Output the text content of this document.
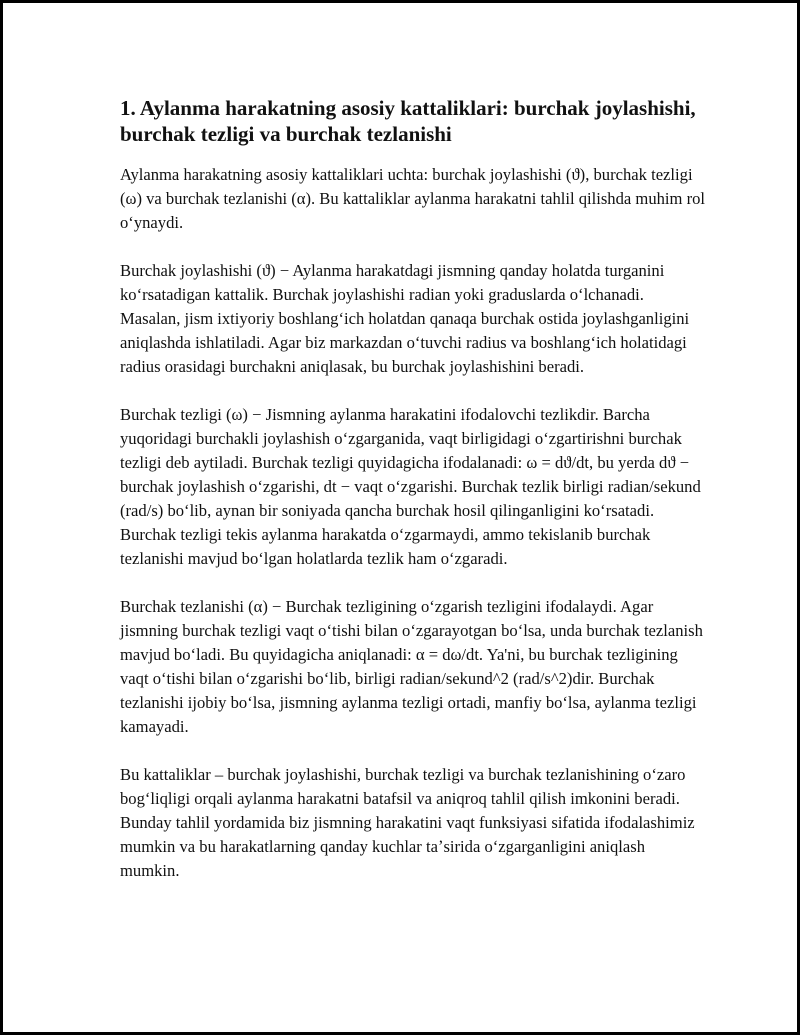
1. Aylanma harakatning asosiy kattaliklari: burchak joylashishi, burchak tezligi va burchak tezlanishi

Aylanma harakatning asosiy kattaliklari uchta: burchak joylashishi (ϑ), burchak tezligi (ω) va burchak tezlanishi (α). Bu kattaliklar aylanma harakatni tahlil qilishda muhim rol oʻynaydi.

Burchak joylashishi (ϑ) − Aylanma harakatdagi jismning qanday holatda turganini koʻrsatadigan kattalik. Burchak joylashishi radian yoki graduslarda oʻlchanadi. Masalan, jism ixtiyoriy boshlangʻich holatdan qanaqa burchak ostida joylashganligini aniqlashda ishlatiladi. Agar biz markazdan oʻtuvchi radius va boshlangʻich holatidagi radius orasidagi burchakni aniqlasak, bu burchak joylashishini beradi.

Burchak tezligi (ω) − Jismning aylanma harakatini ifodalovchi tezlikdir. Barcha yuqoridagi burchakli joylashish oʻzgarganida, vaqt birligidagi oʻzgartirishni burchak tezligi deb aytiladi. Burchak tezligi quyidagicha ifodalanadi: ω = dϑ/dt, bu yerda dϑ − burchak joylashish oʻzgarishi, dt − vaqt oʻzgarishi. Burchak tezlik birligi radian/sekund (rad/s) boʻlib, aynan bir soniyada qancha burchak hosil qilinganligini koʻrsatadi. Burchak tezligi tekis aylanma harakatda oʻzgarmaydi, ammo tekislanib burchak tezlanishi mavjud boʻlgan holatlarda tezlik ham oʻzgaradi.

Burchak tezlanishi (α) − Burchak tezligining oʻzgarish tezligini ifodalaydi. Agar jismning burchak tezligi vaqt oʻtishi bilan oʻzgarayotgan boʻlsa, unda burchak tezlanish mavjud boʻladi. Bu quyidagicha aniqlanadi: α = dω/dt. Ya'ni, bu burchak tezligining vaqt oʻtishi bilan oʻzgarishi boʻlib, birligi radian/sekund^2 (rad/s^2)dir. Burchak tezlanishi ijobiy boʻlsa, jismning aylanma tezligi ortadi, manfiy boʻlsa, aylanma tezligi kamayadi.

Bu kattaliklar – burchak joylashishi, burchak tezligi va burchak tezlanishining oʻzaro bogʻliqligi orqali aylanma harakatni batafsil va aniqroq tahlil qilish imkonini beradi. Bunday tahlil yordamida biz jismning harakatini vaqt funksiyasi sifatida ifodalashimiz mumkin va bu harakatlarning qanday kuchlar taʼsirida oʻzgarganligini aniqlash mumkin.
